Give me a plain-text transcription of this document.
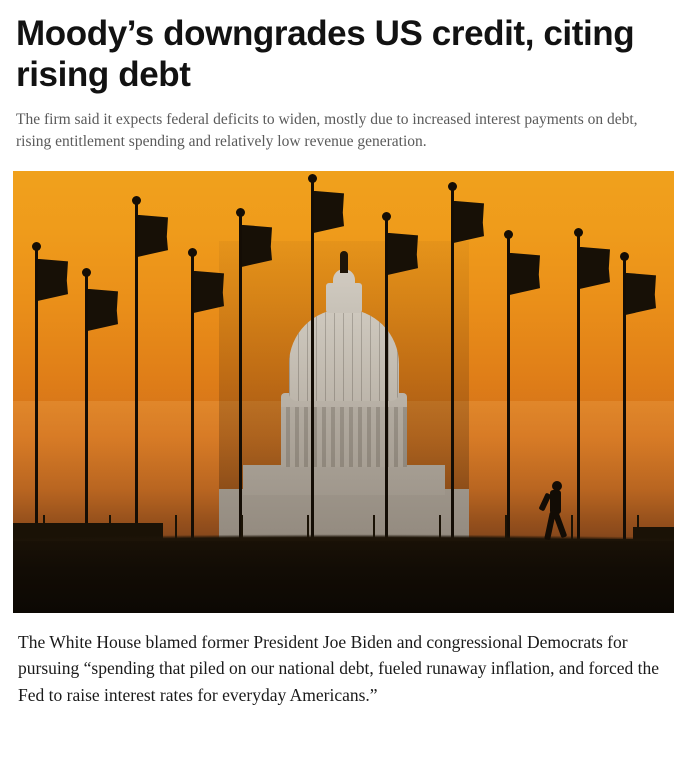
Moody’s downgrades US credit, citing rising debt

The firm said it expects federal deficits to widen, mostly due to increased interest payments on debt, rising entitlement spending and relatively low revenue generation.

The White House blamed former President Joe Biden and congressional Democrats for pursuing “spending that piled on our national debt, fueled runaway inflation, and forced the Fed to raise interest rates for everyday Americans.”
